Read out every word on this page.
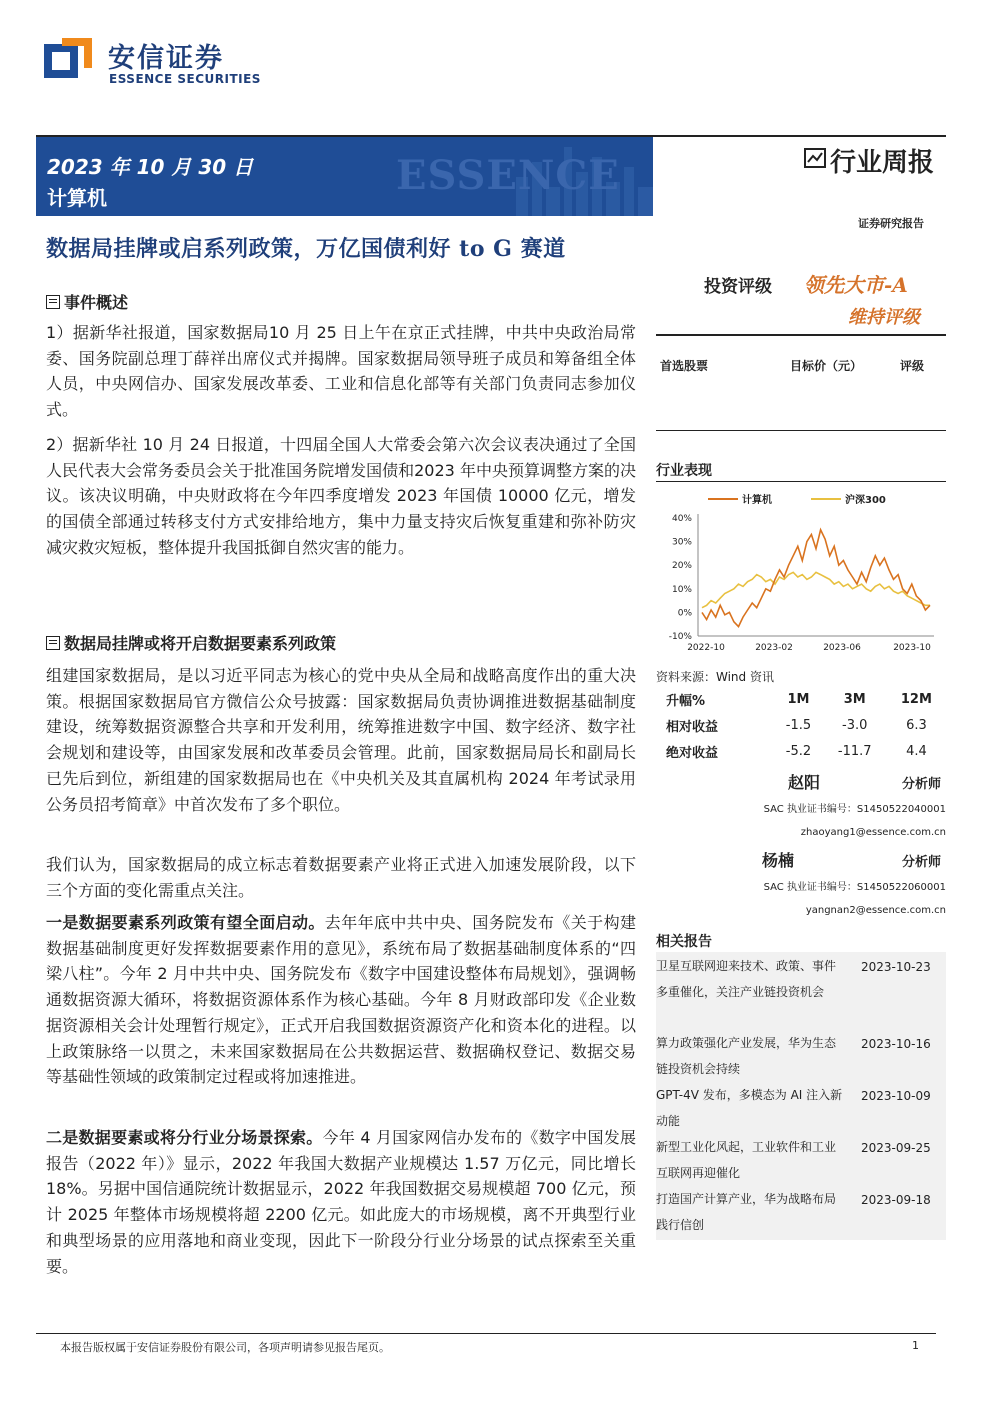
安信证券
ESSENCE SECURITIES
ESSENCE
2023 年 10 月 30 日
计算机
行业周报
证券研究报告
数据局挂牌或启系列政策，万亿国债利好 to G 赛道
投资评级 领先大市-A
维持评级
首选股票	目标价（元）	评级
事件概述
1）据新华社报道，国家数据局10 月 25 日上午在京正式挂牌，中共中央政治局常委、国务院副总理丁薛祥出席仪式并揭牌。国家数据局领导班子成员和筹备组全体人员，中央网信办、国家发展改革委、工业和信息化部等有关部门负责同志参加仪式。
2）据新华社 10 月 24 日报道，十四届全国人大常委会第六次会议表决通过了全国人民代表大会常务委员会关于批准国务院增发国债和2023 年中央预算调整方案的决议。该决议明确，中央财政将在今年四季度增发 2023 年国债 10000 亿元，增发的国债全部通过转移支付方式安排给地方，集中力量支持灾后恢复重建和弥补防灾减灾救灾短板，整体提升我国抵御自然灾害的能力。
数据局挂牌或将开启数据要素系列政策
组建国家数据局，是以习近平同志为核心的党中央从全局和战略高度作出的重大决策。根据国家数据局官方微信公众号披露：国家数据局负责协调推进数据基础制度建设，统筹数据资源整合共享和开发利用，统筹推进数字中国、数字经济、数字社会规划和建设等，由国家发展和改革委员会管理。此前，国家数据局局长和副局长已先后到位，新组建的国家数据局也在《中央机关及其直属机构 2024 年考试录用公务员招考简章》中首次发布了多个职位。
我们认为，国家数据局的成立标志着数据要素产业将正式进入加速发展阶段，以下三个方面的变化需重点关注。
一是数据要素系列政策有望全面启动。去年年底中共中央、国务院发布《关于构建数据基础制度更好发挥数据要素作用的意见》，系统布局了数据基础制度体系的“四梁八柱”。今年 2 月中共中央、国务院发布《数字中国建设整体布局规划》，强调畅通数据资源大循环，将数据资源体系作为核心基础。今年 8 月财政部印发《企业数据资源相关会计处理暂行规定》，正式开启我国数据资源资产化和资本化的进程。以上政策脉络一以贯之，未来国家数据局在公共数据运营、数据确权登记、数据交易等基础性领域的政策制定过程或将加速推进。
二是数据要素或将分行业分场景探索。今年 4 月国家网信办发布的《数字中国发展报告（2022 年）》显示，2022 年我国大数据产业规模达 1.57 万亿元，同比增长 18%。另据中国信通院统计数据显示，2022 年我国数据交易规模超 700 亿元，预计 2025 年整体市场规模将超 2200 亿元。如此庞大的市场规模，离不开典型行业和典型场景的应用落地和商业变现，因此下一阶段分行业分场景的试点探索至关重要。
行业表现
40%
30%
20%
10%
0%
-10%
2022-10	2023-02	2023-06	2023-10
计算机	沪深300
资料来源：Wind 资讯
升幅%	1M	3M	12M
相对收益	-1.5	-3.0	6.3
绝对收益	-5.2	-11.7	4.4
赵阳	分析师
SAC 执业证书编号：S1450522040001
zhaoyang1@essence.com.cn
杨楠	分析师
SAC 执业证书编号：S1450522060001
yangnan2@essence.com.cn
相关报告
卫星互联网迎来技术、政策、事件多重催化，关注产业链投资机会
2023-10-23
算力政策强化产业发展，华为生态链投资机会持续
2023-10-16
GPT-4V 发布，多模态为 AI 注入新动能
2023-10-09
新型工业化风起，工业软件和工业互联网再迎催化
2023-09-25
打造国产计算产业，华为战略布局践行信创
2023-09-18
本报告版权属于安信证券股份有限公司，各项声明请参见报告尾页。	1
